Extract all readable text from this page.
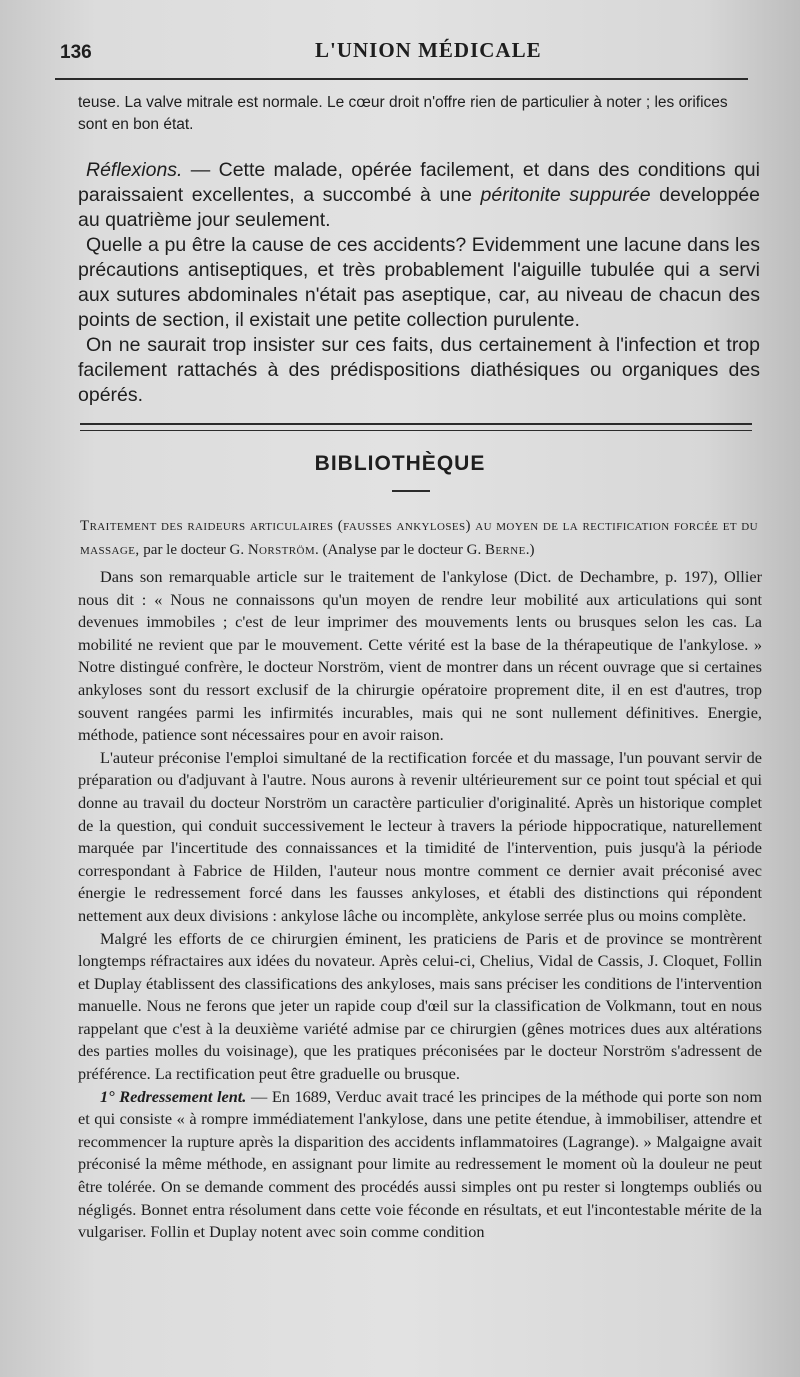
136	L'UNION MÉDICALE

teuse. La valve mitrale est normale. Le cœur droit n'offre rien de particulier à noter ; les orifices sont en bon état.

Réflexions. — Cette malade, opérée facilement, et dans des conditions qui paraissaient excellentes, a succombé à une péritonite suppurée developpée au quatrième jour seulement.

Quelle a pu être la cause de ces accidents? Evidemment une lacune dans les précautions antiseptiques, et très probablement l'aiguille tubulée qui a servi aux sutures abdominales n'était pas aseptique, car, au niveau de chacun des points de section, il existait une petite collection purulente.

On ne saurait trop insister sur ces faits, dus certainement à l'infection et trop facilement rattachés à des prédispositions diathésiques ou organiques des opérés.

BIBLIOTHÈQUE
Traitement des raideurs articulaires (fausses ankyloses) au moyen de la rectification forcée et du massage, par le docteur G. Norström. (Analyse par le docteur G. Berne.)

Dans son remarquable article sur le traitement de l'ankylose (Dict. de Dechambre, p. 197), Ollier nous dit : « Nous ne connaissons qu'un moyen de rendre leur mobilité aux articulations qui sont devenues immobiles ; c'est de leur imprimer des mouvements lents ou brusques selon les cas. La mobilité ne revient que par le mouvement. Cette vérité est la base de la thérapeutique de l'ankylose. » Notre distingué confrère, le docteur Norström, vient de montrer dans un récent ouvrage que si certaines ankyloses sont du ressort exclusif de la chirurgie opératoire proprement dite, il en est d'autres, trop souvent rangées parmi les infirmités incurables, mais qui ne sont nullement définitives. Energie, méthode, patience sont nécessaires pour en avoir raison.

L'auteur préconise l'emploi simultané de la rectification forcée et du massage, l'un pouvant servir de préparation ou d'adjuvant à l'autre. Nous aurons à revenir ultérieurement sur ce point tout spécial et qui donne au travail du docteur Norström un caractère particulier d'originalité. Après un historique complet de la question, qui conduit successivement le lecteur à travers la période hippocratique, naturellement marquée par l'incertitude des connaissances et la timidité de l'intervention, puis jusqu'à la période correspondant à Fabrice de Hilden, l'auteur nous montre comment ce dernier avait préconisé avec énergie le redressement forcé dans les fausses ankyloses, et établi des distinctions qui répondent nettement aux deux divisions : ankylose lâche ou incomplète, ankylose serrée plus ou moins complète.

Malgré les efforts de ce chirurgien éminent, les praticiens de Paris et de province se montrèrent longtemps réfractaires aux idées du novateur. Après celui-ci, Chelius, Vidal de Cassis, J. Cloquet, Follin et Duplay établissent des classifications des ankyloses, mais sans préciser les conditions de l'intervention manuelle. Nous ne ferons que jeter un rapide coup d'œil sur la classification de Volkmann, tout en nous rappelant que c'est à la deuxième variété admise par ce chirurgien (gênes motrices dues aux altérations des parties molles du voisinage), que les pratiques préconisées par le docteur Norström s'adressent de préférence. La rectification peut être graduelle ou brusque.

1° Redressement lent. — En 1689, Verduc avait tracé les principes de la méthode qui porte son nom et qui consiste « à rompre immédiatement l'ankylose, dans une petite étendue, à immobiliser, attendre et recommencer la rupture après la disparition des accidents inflammatoires (Lagrange). » Malgaigne avait préconisé la même méthode, en assignant pour limite au redressement le moment où la douleur ne peut être tolérée. On se demande comment des procédés aussi simples ont pu rester si longtemps oubliés ou négligés. Bonnet entra résolument dans cette voie féconde en résultats, et eut l'incontestable mérite de la vulgariser. Follin et Duplay notent avec soin comme condition
